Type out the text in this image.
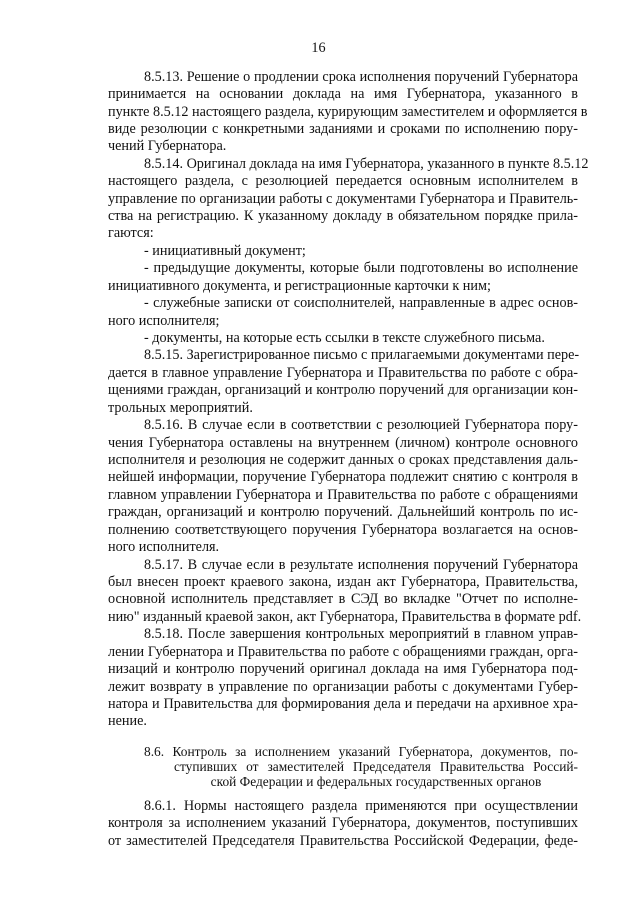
16
8.5.13. Решение о продлении срока исполнения поручений Губернатора
принимается на основании доклада на имя Губернатора, указанного в
пункте 8.5.12 настоящего раздела, курирующим заместителем и оформляется в
виде резолюции с конкретными заданиями и сроками по исполнению пору-
чений Губернатора.
8.5.14. Оригинал доклада на имя Губернатора, указанного в пункте 8.5.12
настоящего раздела, с резолюцией передается основным исполнителем в
управление по организации работы с документами Губернатора и Правитель-
ства на регистрацию. К указанному докладу в обязательном порядке прила-
гаются:
- инициативный документ;
- предыдущие документы, которые были подготовлены во исполнение
инициативного документа, и регистрационные карточки к ним;
- служебные записки от соисполнителей, направленные в адрес основ-
ного исполнителя;
- документы, на которые есть ссылки в тексте служебного письма.
8.5.15. Зарегистрированное письмо с прилагаемыми документами пере-
дается в главное управление Губернатора и Правительства по работе с обра-
щениями граждан, организаций и контролю поручений для организации кон-
трольных мероприятий.
8.5.16. В случае если в соответствии с резолюцией Губернатора пору-
чения Губернатора оставлены на внутреннем (личном) контроле основного
исполнителя и резолюция не содержит данных о сроках представления даль-
нейшей информации, поручение Губернатора подлежит снятию с контроля в
главном управлении Губернатора и Правительства по работе с обращениями
граждан, организаций и контролю поручений. Дальнейший контроль по ис-
полнению соответствующего поручения Губернатора возлагается на основ-
ного исполнителя.
8.5.17. В случае если в результате исполнения поручений Губернатора
был внесен проект краевого закона, издан акт Губернатора, Правительства,
основной исполнитель представляет в СЭД во вкладке "Отчет по исполне-
нию" изданный краевой закон, акт Губернатора, Правительства в формате pdf.
8.5.18. После завершения контрольных мероприятий в главном управ-
лении Губернатора и Правительства по работе с обращениями граждан, орга-
низаций и контролю поручений оригинал доклада на имя Губернатора под-
лежит возврату в управление по организации работы с документами Губер-
натора и Правительства для формирования дела и передачи на архивное хра-
нение.
8.6. Контроль за исполнением указаний Губернатора, документов, по-
ступивших от заместителей Председателя Правительства Россий-
ской Федерации и федеральных государственных органов
8.6.1. Нормы настоящего раздела применяются при осуществлении
контроля за исполнением указаний Губернатора, документов, поступивших
от заместителей Председателя Правительства Российской Федерации, феде-
